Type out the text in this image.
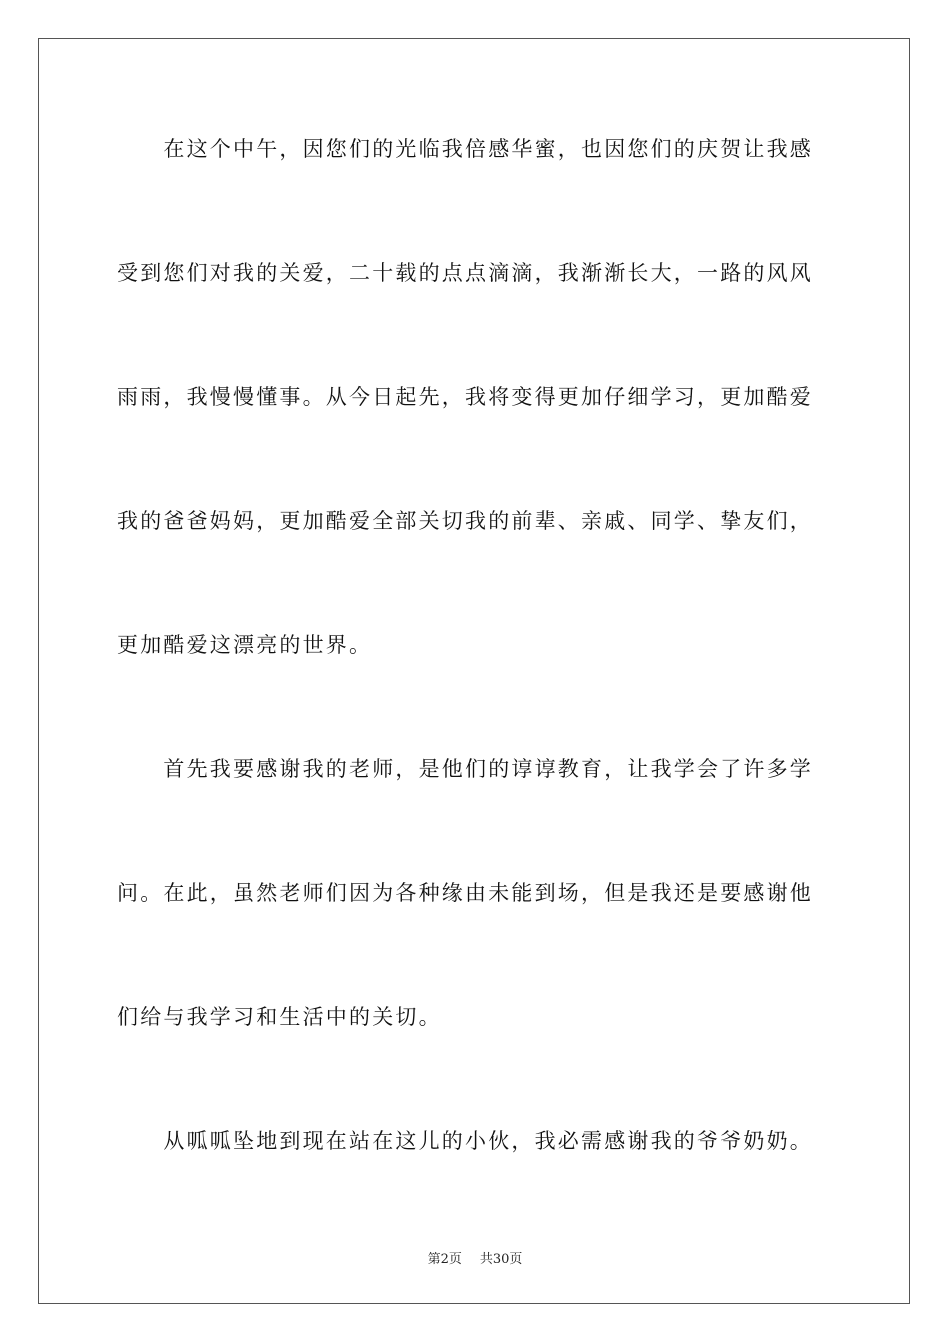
　　在这个中午，因您们的光临我倍感华蜜，也因您们的庆贺让我感
受到您们对我的关爱，二十载的点点滴滴，我渐渐长大，一路的风风
雨雨，我慢慢懂事。从今日起先，我将变得更加仔细学习，更加酷爱
我的爸爸妈妈，更加酷爱全部关切我的前辈、亲戚、同学、挚友们，
更加酷爱这漂亮的世界。
　　首先我要感谢我的老师，是他们的谆谆教育，让我学会了许多学
问。在此，虽然老师们因为各种缘由未能到场，但是我还是要感谢他
们给与我学习和生活中的关切。
　　从呱呱坠地到现在站在这儿的小伙，我必需感谢我的爷爷奶奶。
第2页 共30页
